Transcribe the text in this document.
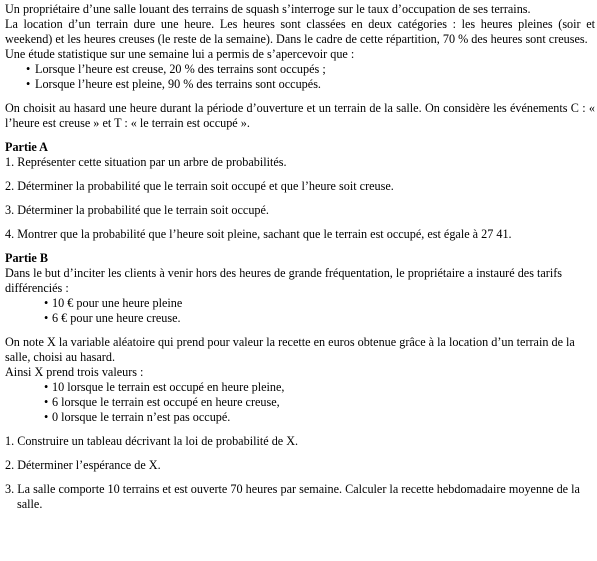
Un propriétaire d’une salle louant des terrains de squash s’interroge sur le taux d’occupation de ses terrains.

La location d’un terrain dure une heure. Les heures sont classées en deux catégories : les heures pleines (soir et weekend) et les heures creuses (le reste de la semaine). Dans le cadre de cette répartition, 70 % des heures sont creuses.

Une étude statistique sur une semaine lui a permis de s’apercevoir que :

• Lorsque l’heure est creuse, 20 % des terrains sont occupés ;
• Lorsque l’heure est pleine, 90 % des terrains sont occupés.

On choisit au hasard une heure durant la période d’ouverture et un terrain de la salle. On considère les événements C : « l’heure est creuse » et T : « le terrain est occupé ».

Partie A

1. Représenter cette situation par un arbre de probabilités.

2. Déterminer la probabilité que le terrain soit occupé et que l’heure soit creuse.

3. Déterminer la probabilité que le terrain soit occupé.

4. Montrer que la probabilité que l’heure soit pleine, sachant que le terrain est occupé, est égale à 27 41.

Partie B

Dans le but d’inciter les clients à venir hors des heures de grande fréquentation, le propriétaire a instauré des tarifs différenciés :

• 10 € pour une heure pleine
• 6 € pour une heure creuse.

On note X la variable aléatoire qui prend pour valeur la recette en euros obtenue grâce à la location d’un terrain de la salle, choisi au hasard.

Ainsi X prend trois valeurs :

• 10 lorsque le terrain est occupé en heure pleine,
• 6 lorsque le terrain est occupé en heure creuse,
• 0 lorsque le terrain n’est pas occupé.

1. Construire un tableau décrivant la loi de probabilité de X.

2. Déterminer l’espérance de X.

3. La salle comporte 10 terrains et est ouverte 70 heures par semaine. Calculer la recette hebdomadaire moyenne de la salle.
